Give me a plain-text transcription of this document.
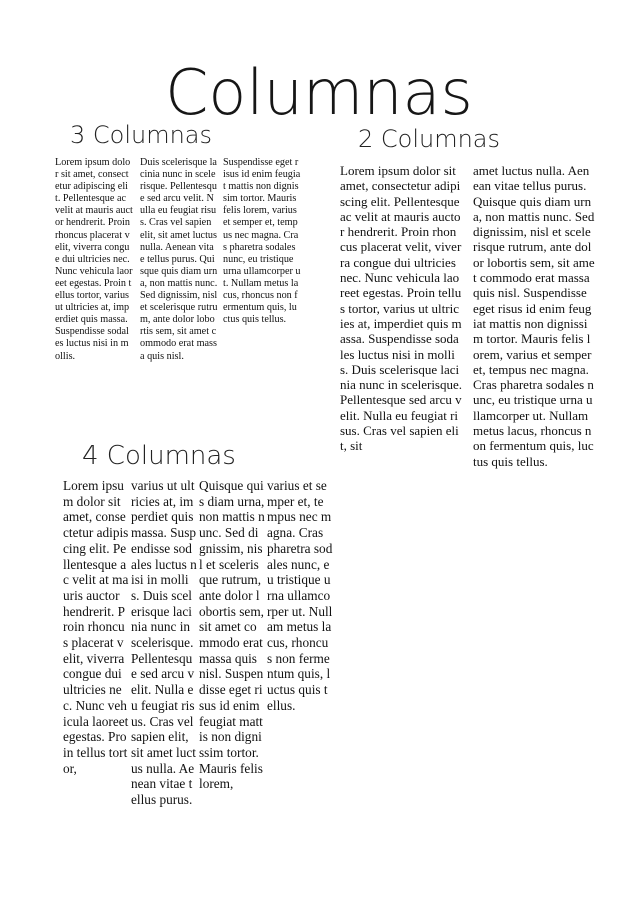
Columnas
3 Columnas

Lorem ipsum dolor sit amet, consectetur adipiscing elit. Pellentesque ac velit at mauris auctor hendrerit. Proin rhoncus placerat velit, viverra congue dui ultricies nec. Nunc vehicula laoreet egestas. Proin tellus tortor, varius ut ultricies at, imperdiet quis massa. Suspendisse sodales luctus nisi in mollis.

Duis scelerisque lacinia nunc in scelerisque. Pellentesque sed arcu velit. Nulla eu feugiat risus. Cras vel sapien elit, sit amet luctus nulla. Aenean vitae tellus purus. Quisque quis diam urna, non mattis nunc. Sed dignissim, nisl et scelerisque rutrum, ante dolor lobortis sem, sit amet commodo erat massa quis nisl.

Suspendisse eget risus id enim feugiat mattis non dignissim tortor. Mauris felis lorem, varius et semper et, tempus nec magna. Cras pharetra sodales nunc, eu tristique urna ullamcorper ut. Nullam metus lacus, rhoncus non fermentum quis, luctus quis tellus.

2 Columnas

Lorem ipsum dolor sit amet, consectetur adipiscing elit. Pellentesque ac velit at mauris auctor hendrerit. Proin rhoncus placerat velit, viverra congue dui ultricies nec. Nunc vehicula laoreet egestas. Proin tellus tortor, varius ut ultricies at, imperdiet quis massa. Suspendisse sodales luctus nisi in mollis. Duis scelerisque lacinia nunc in scelerisque. Pellentesque sed arcu velit. Nulla eu feugiat risus. Cras vel sapien elit, sit

amet luctus nulla. Aenean vitae tellus purus. Quisque quis diam urna, non mattis nunc. Sed dignissim, nisl et scelerisque rutrum, ante dolor lobortis sem, sit amet commodo erat massa quis nisl. Suspendisse eget risus id enim feugiat mattis non dignissim tortor. Mauris felis lorem, varius et semper et, tempus nec magna. Cras pharetra sodales nunc, eu tristique urna ullamcorper ut. Nullam metus lacus, rhoncus non fermentum quis, luctus quis tellus.

4 Columnas

Lorem ipsum dolor sit amet, consectetur adipiscing elit. Pellentesque ac velit at mauris auctor hendrerit. Proin rhoncus placerat velit, viverra congue dui ultricies nec. Nunc vehicula laoreet egestas. Proin tellus tortor,

varius ut ultricies at, imperdiet quis massa. Suspendisse sodales luctus nisi in mollis. Duis scelerisque lacinia nunc in scelerisque. Pellentesque sed arcu velit. Nulla eu feugiat risus. Cras vel sapien elit, sit amet luctus nulla. Aenean vitae tellus purus.

Quisque quis diam urna, non mattis nunc. Sed dignissim, nisl et scelerisque rutrum, ante dolor lobortis sem, sit amet commodo erat massa quis nisl. Suspendisse eget risus id enim feugiat mattis non dignissim tortor. Mauris felis lorem,

varius et semper et, tempus nec magna. Cras pharetra sodales nunc, eu tristique urna ullamcorper ut. Nullam metus lacus, rhoncus non fermentum quis, luctus quis tellus.
